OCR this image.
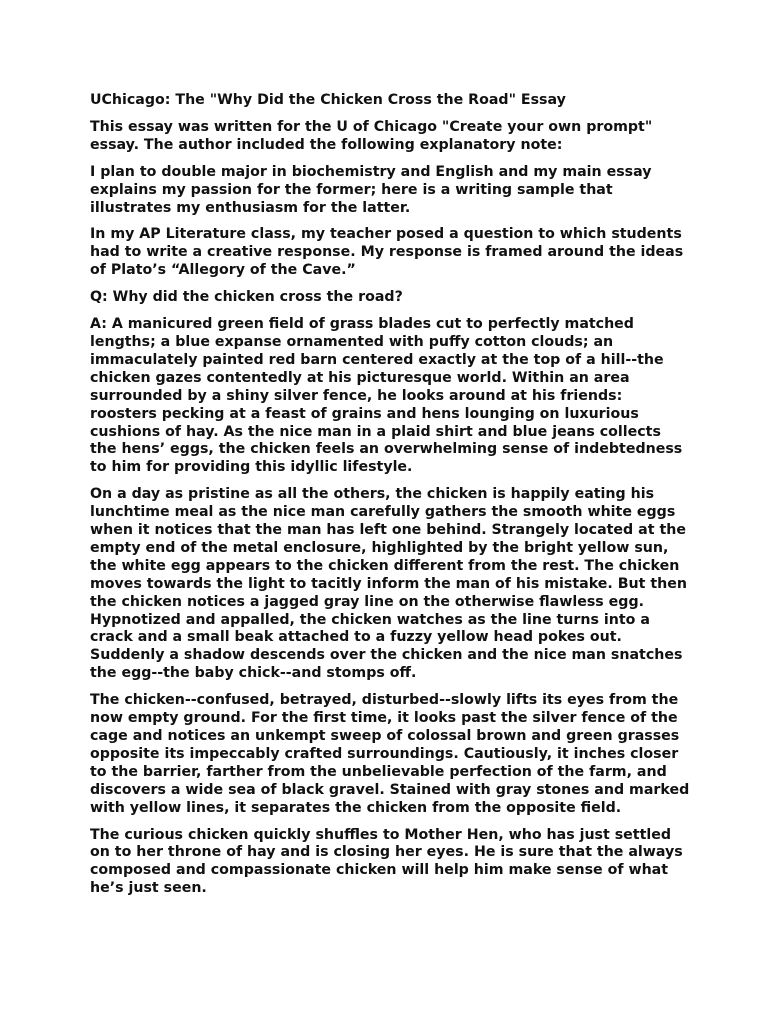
UChicago: The "Why Did the Chicken Cross the Road" Essay

This essay was written for the U of Chicago "Create your own prompt" essay. The author included the following explanatory note:

I plan to double major in biochemistry and English and my main essay explains my passion for the former; here is a writing sample that illustrates my enthusiasm for the latter.

In my AP Literature class, my teacher posed a question to which students had to write a creative response. My response is framed around the ideas of Plato’s “Allegory of the Cave.”

Q: Why did the chicken cross the road?

A: A manicured green field of grass blades cut to perfectly matched lengths; a blue expanse ornamented with puffy cotton clouds; an immaculately painted red barn centered exactly at the top of a hill--the chicken gazes contentedly at his picturesque world. Within an area surrounded by a shiny silver fence, he looks around at his friends: roosters pecking at a feast of grains and hens lounging on luxurious cushions of hay. As the nice man in a plaid shirt and blue jeans collects the hens’ eggs, the chicken feels an overwhelming sense of indebtedness to him for providing this idyllic lifestyle.

On a day as pristine as all the others, the chicken is happily eating his lunchtime meal as the nice man carefully gathers the smooth white eggs when it notices that the man has left one behind. Strangely located at the empty end of the metal enclosure, highlighted by the bright yellow sun, the white egg appears to the chicken different from the rest. The chicken moves towards the light to tacitly inform the man of his mistake. But then the chicken notices a jagged gray line on the otherwise flawless egg. Hypnotized and appalled, the chicken watches as the line turns into a crack and a small beak attached to a fuzzy yellow head pokes out. Suddenly a shadow descends over the chicken and the nice man snatches the egg--the baby chick--and stomps off.

The chicken--confused, betrayed, disturbed--slowly lifts its eyes from the now empty ground. For the first time, it looks past the silver fence of the cage and notices an unkempt sweep of colossal brown and green grasses opposite its impeccably crafted surroundings. Cautiously, it inches closer to the barrier, farther from the unbelievable perfection of the farm, and discovers a wide sea of black gravel. Stained with gray stones and marked with yellow lines, it separates the chicken from the opposite field.

The curious chicken quickly shuffles to Mother Hen, who has just settled on to her throne of hay and is closing her eyes. He is sure that the always composed and compassionate chicken will help him make sense of what he’s just seen.
